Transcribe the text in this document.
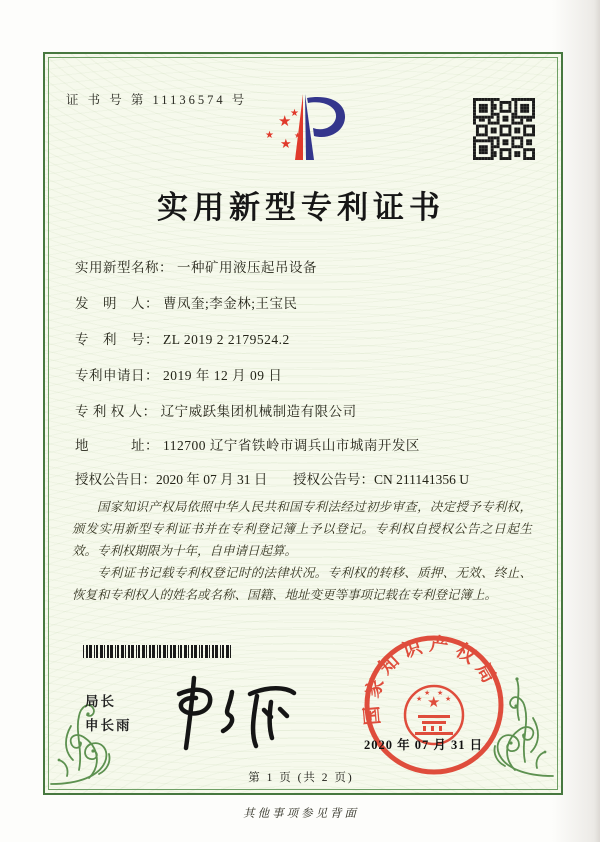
证 书 号 第 11136574 号
★
★
★
★
★
实用新型专利证书
实用新型名称： 一种矿用液压起吊设备
发　明　人： 曹凤奎;李金林;王宝民
专　利　号： ZL 2019 2 2179524.2
专利申请日： 2019 年 12 月 09 日
专 利 权 人： 辽宁威跃集团机械制造有限公司
地　　　址： 112700 辽宁省铁岭市调兵山市城南开发区
授权公告日：2020 年 07 月 31 日 授权公告号：CN 211141356 U

国家知识产权局依照中华人民共和国专利法经过初步审查，决定授予专利权，颁发实用新型专利证书并在专利登记簿上予以登记。专利权自授权公告之日起生效。专利权期限为十年，自申请日起算。

专利证书记载专利权登记时的法律状况。专利权的转移、质押、无效、终止、恢复和专利权人的姓名或名称、国籍、地址变更等事项记载在专利登记簿上。

局长
申长雨	国家知识产权局
★
★
★ ★
★
2020 年 07 月 31 日
第 1 页 (共 2 页)
其他事项参见背面
